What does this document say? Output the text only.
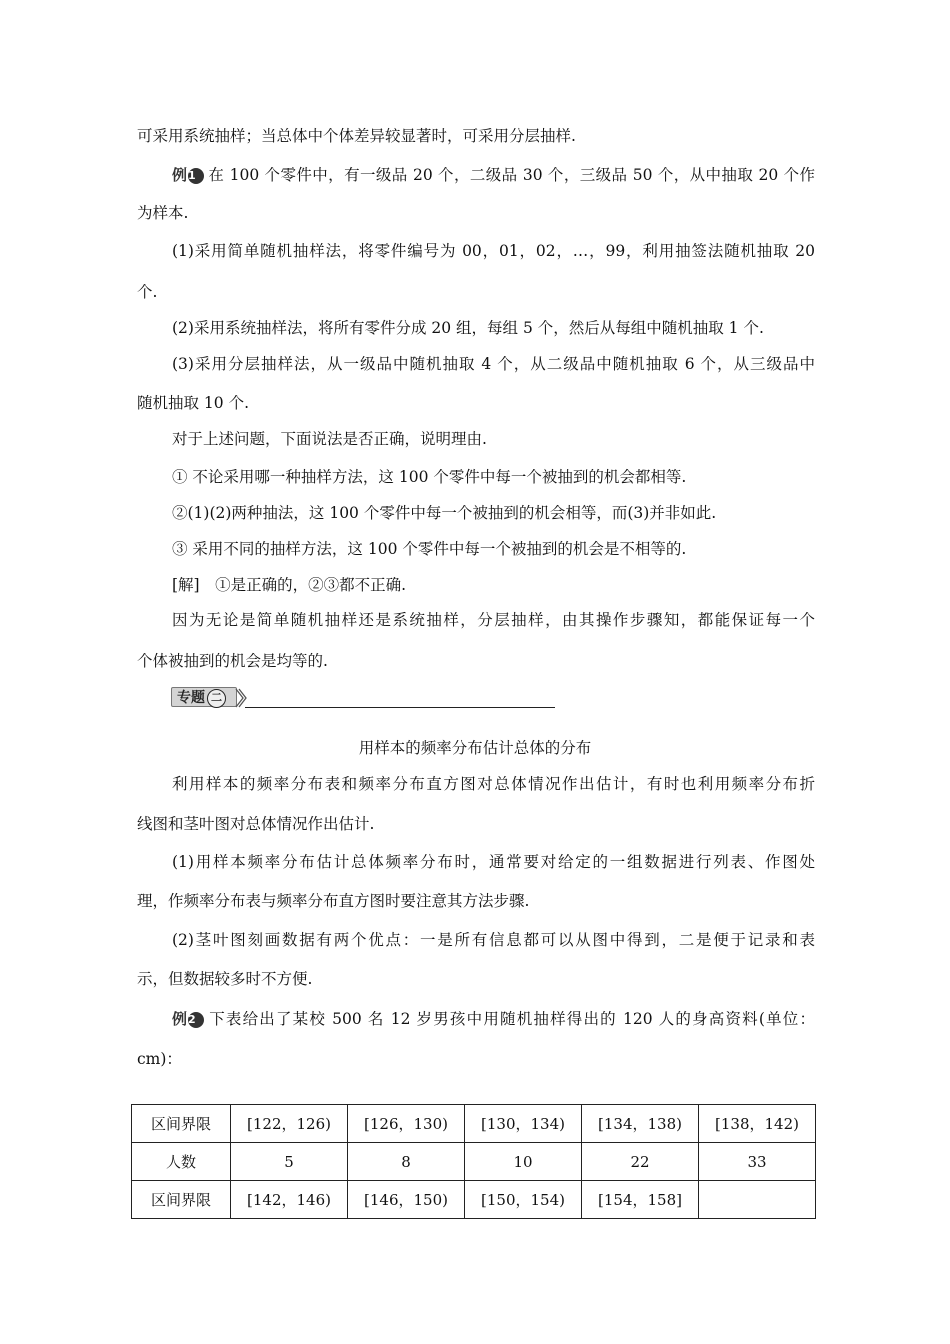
可采用系统抽样；当总体中个体差异较显著时，可采用分层抽样.
例1 在 100 个零件中，有一级品 20 个，二级品 30 个，三级品 50 个，从中抽取 20 个作
为样本.
(1)采用简单随机抽样法，将零件编号为 00，01，02，…，99，利用抽签法随机抽取 20
个.
(2)采用系统抽样法，将所有零件分成 20 组，每组 5 个，然后从每组中随机抽取 1 个.
(3)采用分层抽样法，从一级品中随机抽取 4 个，从二级品中随机抽取 6 个，从三级品中
随机抽取 10 个.
对于上述问题，下面说法是否正确，说明理由.
① 不论采用哪一种抽样方法，这 100 个零件中每一个被抽到的机会都相等.
②(1)(2)两种抽法，这 100 个零件中每一个被抽到的机会相等，而(3)并非如此.
③ 采用不同的抽样方法，这 100 个零件中每一个被抽到的机会是不相等的.
[解]　①是正确的，②③都不正确.
因为无论是简单随机抽样还是系统抽样，分层抽样，由其操作步骤知，都能保证每一个
个体被抽到的机会是均等的.
专题 二
用样本的频率分布估计总体的分布
利用样本的频率分布表和频率分布直方图对总体情况作出估计，有时也利用频率分布折
线图和茎叶图对总体情况作出估计.
(1)用样本频率分布估计总体频率分布时，通常要对给定的一组数据进行列表、作图处
理，作频率分布表与频率分布直方图时要注意其方法步骤.
(2)茎叶图刻画数据有两个优点：一是所有信息都可以从图中得到，二是便于记录和表
示，但数据较多时不方便.
例2 下表给出了某校 500 名 12 岁男孩中用随机抽样得出的 120 人的身高资料(单位：
cm)：
区间界限	[122，126)	[126，130)	[130，134)	[134，138)	[138，142)
人数	5	8	10	22	33
区间界限	[142，146)	[146，150)	[150，154)	[154，158]	
